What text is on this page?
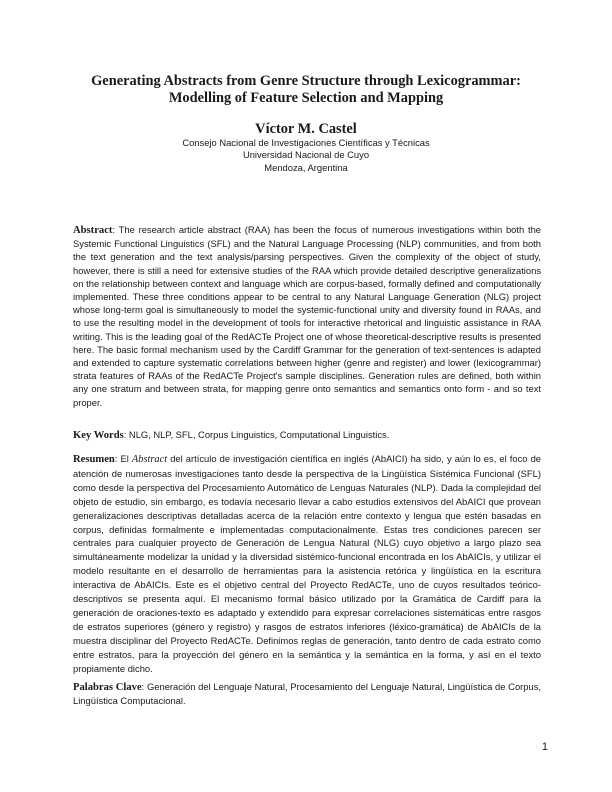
Generating Abstracts from Genre Structure through Lexicogrammar:
Modelling of Feature Selection and Mapping
Víctor M. Castel
Consejo Nacional de Investigaciones Científicas y Técnicas
Universidad Nacional de Cuyo
Mendoza, Argentina
Abstract: The research article abstract (RAA) has been the focus of numerous investigations within both the Systemic Functional Linguistics (SFL) and the Natural Language Processing (NLP) communities, and from both the text generation and the text analysis/parsing perspectives. Given the complexity of the object of study, however, there is still a need for extensive studies of the RAA which provide detailed descriptive generalizations on the relationship between context and language which are corpus-based, formally defined and computationally implemented. These three conditions appear to be central to any Natural Language Generation (NLG) project whose long-term goal is simultaneously to model the systemic-functional unity and diversity found in RAAs, and to use the resulting model in the development of tools for interactive rhetorical and linguistic assistance in RAA writing. This is the leading goal of the RedACTe Project one of whose theoretical-descriptive results is presented here. The basic formal mechanism used by the Cardiff Grammar for the generation of text-sentences is adapted and extended to capture systematic correlations between higher (genre and register) and lower (lexicogrammar) strata features of RAAs of the RedACTe Project's sample disciplines. Generation rules are defined, both within any one stratum and between strata, for mapping genre onto semantics and semantics onto form - and so text proper.
Key Words: NLG, NLP, SFL, Corpus Linguistics, Computational Linguistics.
Resumen: El Abstract del artículo de investigación científica en inglés (AbAICI) ha sido, y aún lo es, el foco de atención de numerosas investigaciones tanto desde la perspectiva de la Lingüística Sistémica Funcional (SFL) como desde la perspectiva del Procesamiento Automático de Lenguas Naturales (NLP). Dada la complejidad del objeto de estudio, sin embargo, es todavía necesario llevar a cabo estudios extensivos del AbAICI que provean generalizaciones descriptivas detalladas acerca de la relación entre contexto y lengua que estén basadas en corpus, definidas formalmente e implementadas computacionalmente. Estas tres condiciones parecen ser centrales para cualquier proyecto de Generación de Lengua Natural (NLG) cuyo objetivo a largo plazo sea simultáneamente modelizar la unidad y la diversidad sistémico-funcional encontrada en los AbAICIs, y utilizar el modelo resultante en el desarrollo de herramientas para la asistencia retórica y lingüística en la escritura interactiva de AbAICIs. Este es el objetivo central del Proyecto RedACTe, uno de cuyos resultados teórico-descriptivos se presenta aquí. El mecanismo formal básico utilizado por la Gramática de Cardiff para la generación de oraciones-texto es adaptado y extendido para expresar correlaciones sistemáticas entre rasgos de estratos superiores (género y registro) y rasgos de estratos inferiores (léxico-gramática) de AbAICIs de la muestra disciplinar del Proyecto RedACTe. Definimos reglas de generación, tanto dentro de cada estrato como entre estratos, para la proyección del género en la semántica y la semántica en la forma, y así en el texto propiamente dicho.
Palabras Clave: Generación del Lenguaje Natural, Procesamiento del Lenguaje Natural, Lingüística de Corpus, Lingüística Computacional.
1
